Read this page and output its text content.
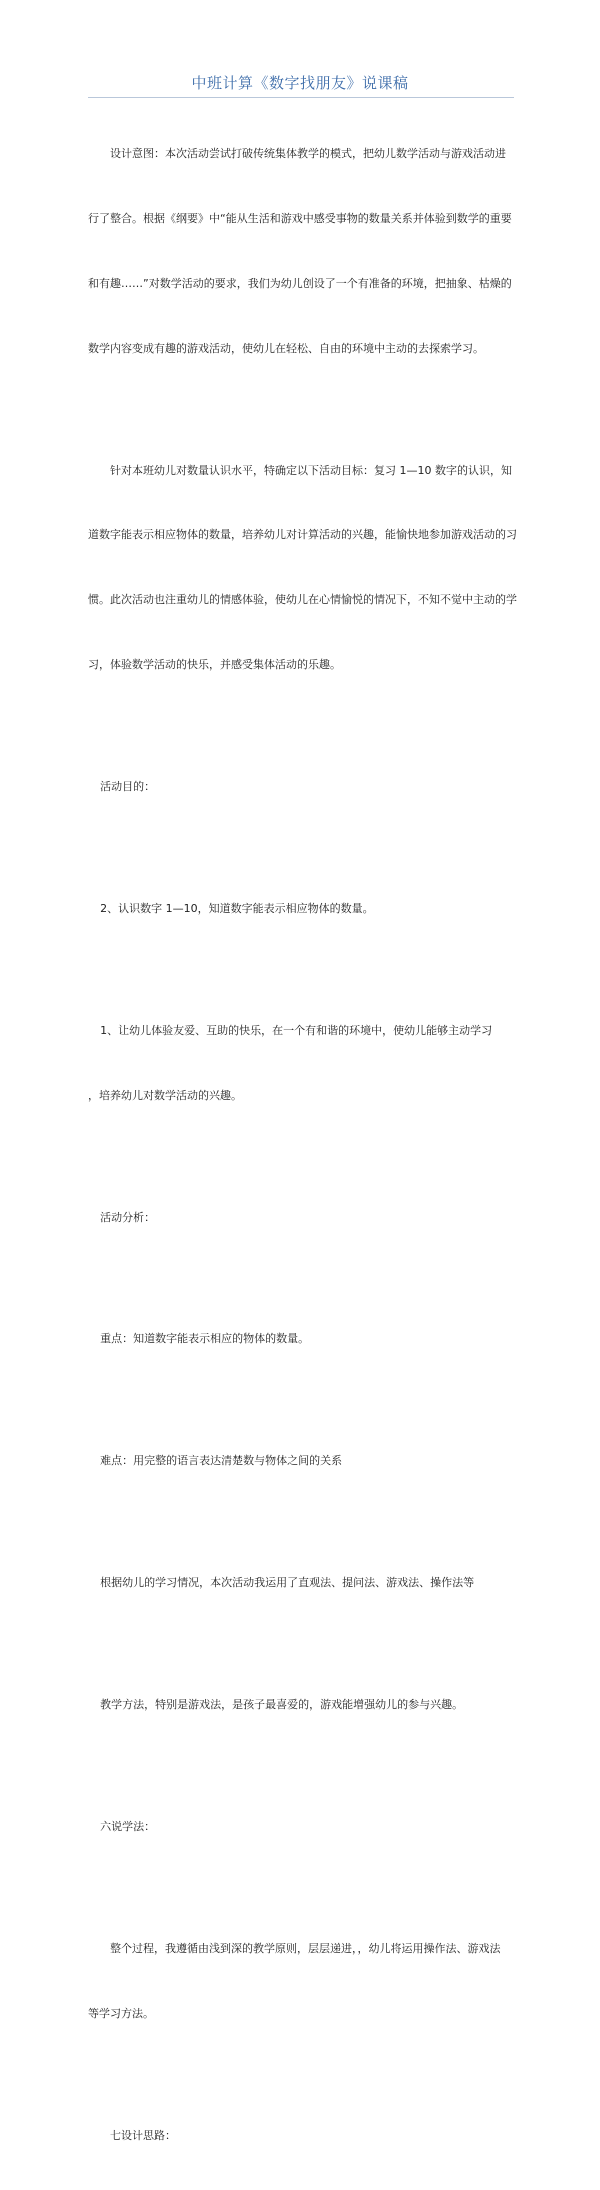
中班计算《数字找朋友》说课稿

设计意图：本次活动尝试打破传统集体教学的模式，把幼儿数学活动与游戏活动进

行了整合。根据《纲要》中“能从生活和游戏中感受事物的数量关系并体验到数学的重要

和有趣……”对数学活动的要求，我们为幼儿创设了一个有准备的环境，把抽象、枯燥的

数学内容变成有趣的游戏活动，使幼儿在轻松、自由的环境中主动的去探索学习。

针对本班幼儿对数量认识水平，特确定以下活动目标：复习 1—10 数字的认识，知

道数字能表示相应物体的数量，培养幼儿对计算活动的兴趣，能愉快地参加游戏活动的习

惯。此次活动也注重幼儿的情感体验，使幼儿在心情愉悦的情况下，不知不觉中主动的学

习，体验数学活动的快乐，并感受集体活动的乐趣。

活动目的：

2、认识数字 1—10，知道数字能表示相应物体的数量。

1、让幼儿体验友爱、互助的快乐，在一个有和谐的环境中，使幼儿能够主动学习

，培养幼儿对数学活动的兴趣。

活动分析：

重点：知道数字能表示相应的物体的数量。

难点：用完整的语言表达清楚数与物体之间的关系

根据幼儿的学习情况，本次活动我运用了直观法、提问法、游戏法、操作法等

教学方法，特别是游戏法，是孩子最喜爱的，游戏能增强幼儿的参与兴趣。

六说学法：

整个过程，我遵循由浅到深的教学原则，层层递进，，幼儿将运用操作法、游戏法

等学习方法。

七设计思路：
